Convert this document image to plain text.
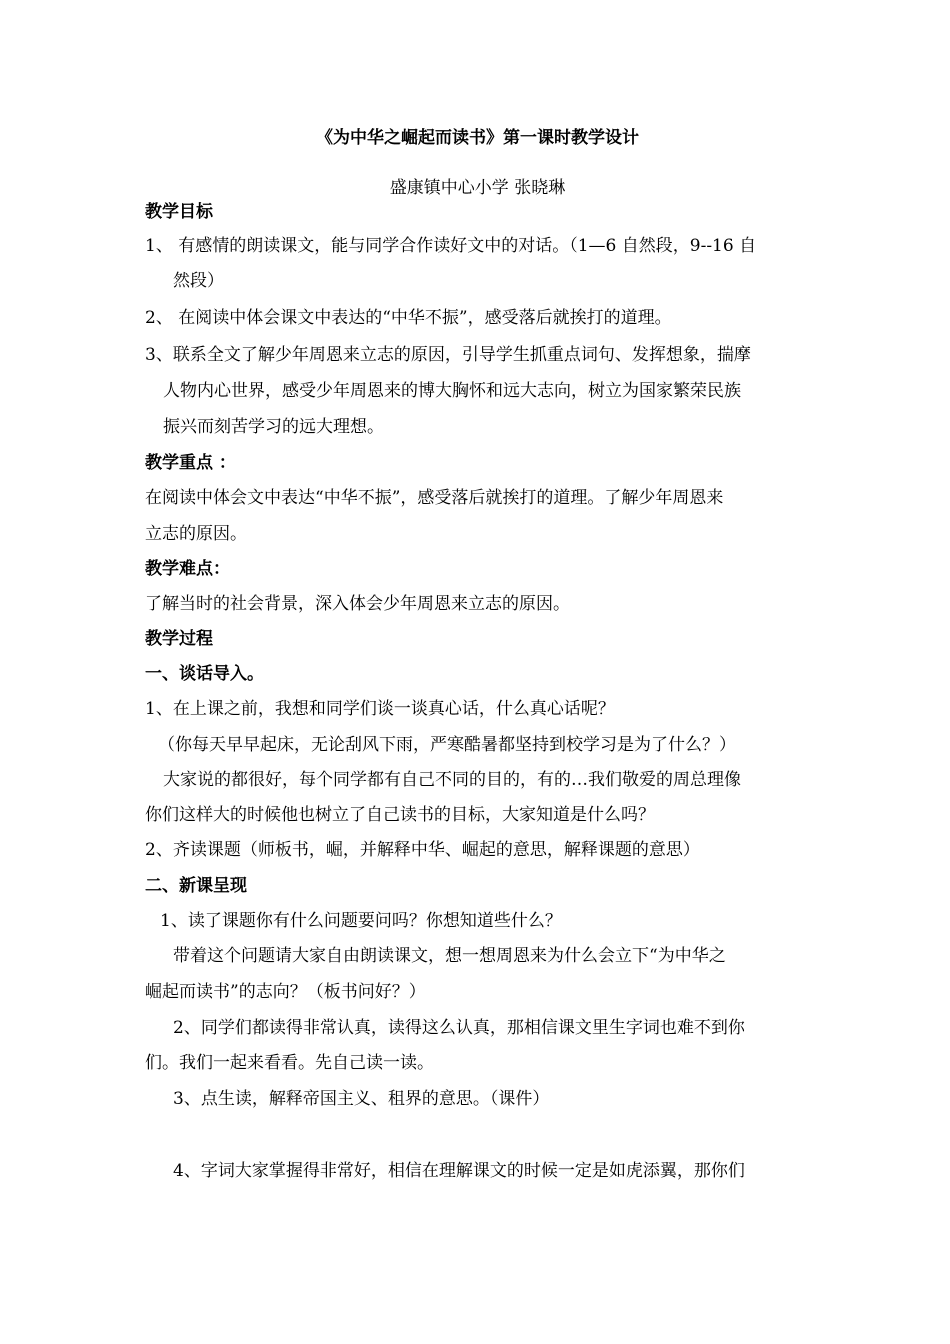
《为中华之崛起而读书》第一课时教学设计
盛康镇中心小学 张晓琳
教学目标
1、 有感情的朗读课文，能与同学合作读好文中的对话。（1—6 自然段，9--16 自
然段）
2、 在阅读中体会课文中表达的“中华不振”，感受落后就挨打的道理。
3、联系全文了解少年周恩来立志的原因，引导学生抓重点词句、发挥想象，揣摩
人物内心世界，感受少年周恩来的博大胸怀和远大志向，树立为国家繁荣民族
振兴而刻苦学习的远大理想。
教学重点 ：
在阅读中体会文中表达“中华不振”，感受落后就挨打的道理。了解少年周恩来
立志的原因。
教学难点：
了解当时的社会背景，深入体会少年周恩来立志的原因。
教学过程
一、谈话导入。
1、在上课之前，我想和同学们谈一谈真心话，什么真心话呢？
（你每天早早起床，无论刮风下雨，严寒酷暑都坚持到校学习是为了什么？）
大家说的都很好，每个同学都有自己不同的目的，有的…我们敬爱的周总理像
你们这样大的时候他也树立了自己读书的目标，大家知道是什么吗？
2、齐读课题（师板书，崛，并解释中华、崛起的意思，解释课题的意思）
二、新课呈现
1、读了课题你有什么问题要问吗？你想知道些什么？
带着这个问题请大家自由朗读课文，想一想周恩来为什么会立下“为中华之
崛起而读书”的志向？（板书问好？）
2、同学们都读得非常认真，读得这么认真，那相信课文里生字词也难不到你
们。我们一起来看看。先自己读一读。
3、点生读，解释帝国主义、租界的意思。（课件）
4、字词大家掌握得非常好，相信在理解课文的时候一定是如虎添翼，那你们
